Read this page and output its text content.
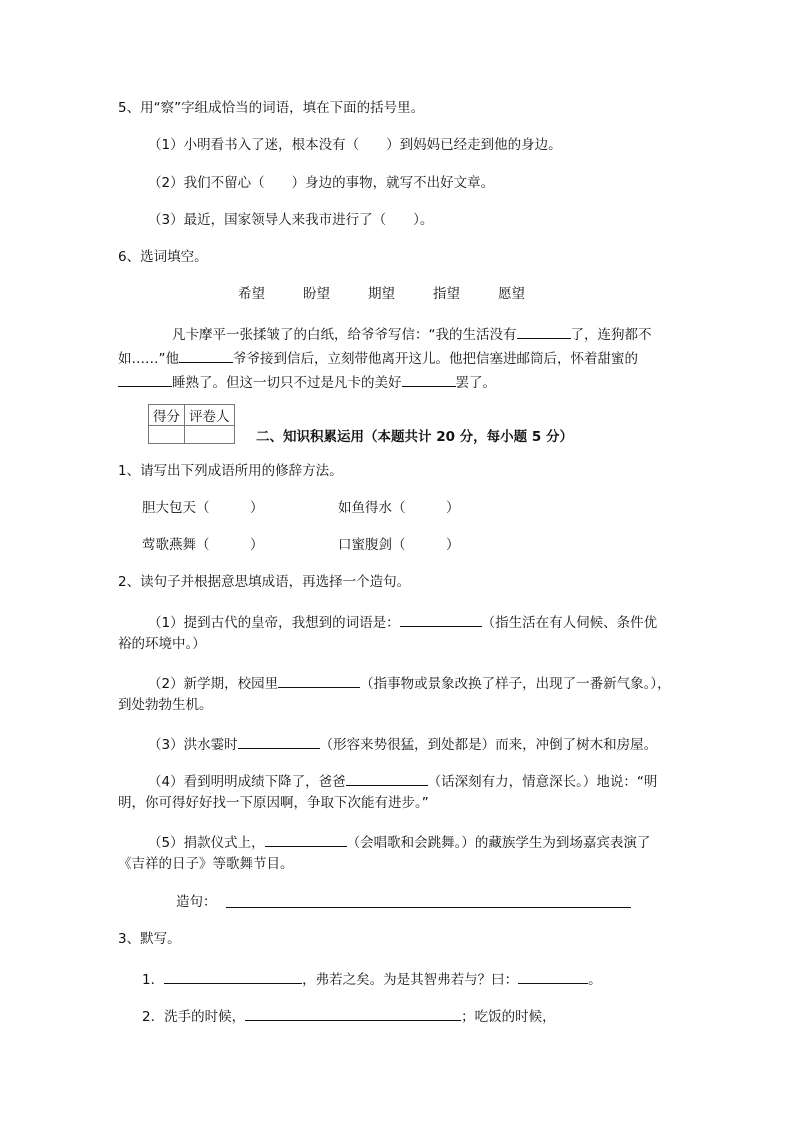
5、用“察”字组成恰当的词语，填在下面的括号里。
（1）小明看书入了迷，根本没有（　　）到妈妈已经走到他的身边。
（2）我们不留心（　　）身边的事物，就写不出好文章。
（3）最近，国家领导人来我市进行了（　　）。
6、选词填空。
希望	盼望	期望	指望	愿望
凡卡摩平一张揉皱了的白纸，给爷爷写信：“我的生活没有	了，连狗都不
如……”他	爷爷接到信后，立刻带他离开这儿。他把信塞进邮筒后，怀着甜蜜的
睡熟了。但这一切只不过是凡卡的美好	罢了。
得分	评卷人

二、知识积累运用（本题共计 20 分，每小题 5 分）
1、请写出下列成语所用的修辞方法。
胆大包天（　　　）	如鱼得水（　　　）
莺歌燕舞（　　　）	口蜜腹剑（　　　）
2、读句子并根据意思填成语，再选择一个造句。
（1）提到古代的皇帝，我想到的词语是：	（指生活在有人伺候、条件优
裕的环境中。）
（2）新学期，校园里	（指事物或景象改换了样子，出现了一番新气象。），
到处勃勃生机。
（3）洪水霎时	（形容来势很猛，到处都是）而来，冲倒了树木和房屋。
（4）看到明明成绩下降了，爸爸	（话深刻有力，情意深长。）地说：“明
明，你可得好好找一下原因啊，争取下次能有进步。”
（5）捐款仪式上，	（会唱歌和会跳舞。）的藏族学生为到场嘉宾表演了
《吉祥的日子》等歌舞节目。
造句：
3、默写。
1．	，弗若之矣。为是其智弗若与？曰：	。
2．洗手的时候，	；吃饭的时候，
